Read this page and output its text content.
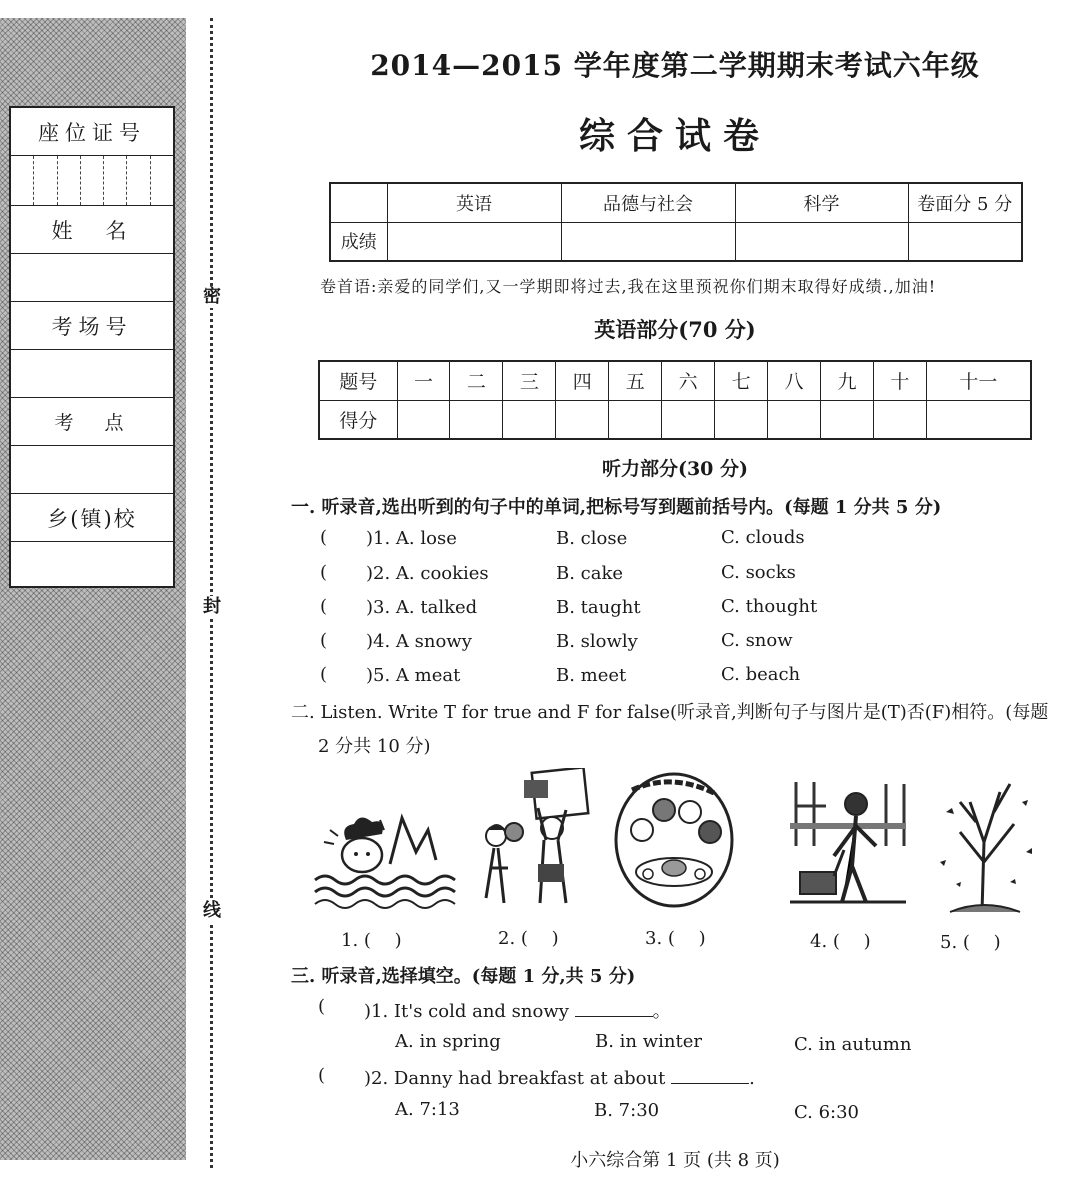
座位证号
姓　名
考场号
考　点
乡(镇)校
密
封
线
2014—2015 学年度第二学期期末考试六年级
综合试卷
	英语	品德与社会	科学	卷面分 5 分
成绩				
卷首语:亲爱的同学们,又一学期即将过去,我在这里预祝你们期末取得好成绩.,加油!
英语部分(70 分)
题号	一	二	三	四	五	六	七	八	九	十	十一
得分											
听力部分(30 分)
一. 听录音,选出听到的句子中的单词,把标号写到题前括号内。(每题 1 分共 5 分)
( )1. A. lose	B. close	C. clouds
( )2. A. cookies	B. cake	C. socks
( )3. A. talked	B. taught	C. thought
( )4. A snowy	B. slowly	C. snow
( )5. A meat	B. meet	C. beach
二. Listen. Write T for true and F for false(听录音,判断句子与图片是(T)否(F)相符。(每题
2 分共 10 分)
1. (　 )	2. (　 )	3. (　 )	4. (　 )	5. (　 )
三. 听录音,选择填空。(每题 1 分,共 5 分)
( )1. It's cold and snowy	。
A. in spring	B. in winter	C. in autumn
( )2. Danny had breakfast at about	.
A. 7:13	B. 7:30	C. 6:30
小六综合第 1 页 (共 8 页)
